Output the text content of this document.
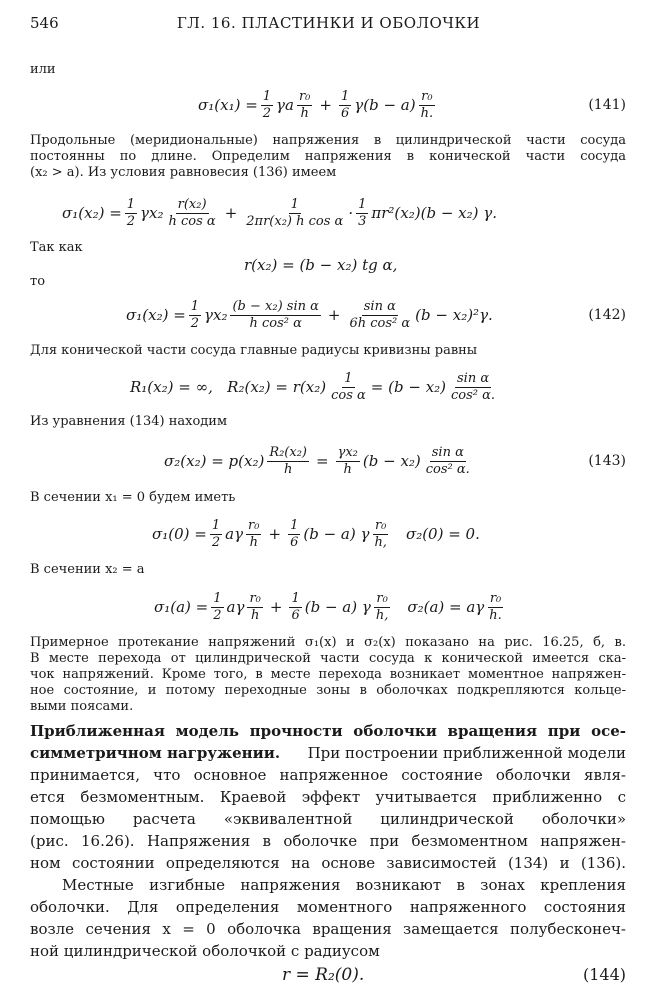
546	ГЛ. 16. ПЛАСТИНКИ И ОБОЛОЧКИ

или

$\sigma_1(x_1) = \frac{1}{2}$ γa $\frac{\text{r₀}}{h} + \frac{1}{6} \gamma(b - a) \frac{\text{r₀}}{h.}$	(141)

Продольные (меридиональные) напряжения в цилиндрической части сосуда

постоянны по длине. Определим напряжения в конической части сосуда

(x₂ > a). Из условия равновесия (136) имеем

$\sigma_1(x_2) = \frac{1}{2} \gamma x_2 \frac{\text{r(x₂)}}{\text{h cos α}} + \frac{1}{\text{2πr(x₂) h cos α}} \cdot \frac{1}{3} \pi r^2(x_2)(b - x_2)$ γ.

Так как

r(x₂) = (b − x₂) tg α,

то

$\sigma_1(x_2) = \frac{1}{2} \gamma x_2 \frac{\text{(b − x₂) sin α}}{\text{h cos² α}} + \frac{\text{sin α}}{\text{6h cos² α}} (b - x_2)^2\gamma$.	(142)

Для конической части сосуда главные радиусы кривизны равны

R₁(x₂) = ∞,   $R_2(x_2) = r(x_2) \frac{1}{\text{cos α}} = (b - x_2) \frac{\text{sin α}}{\text{cos² α.}}$

Из уравнения (134) находим

$\sigma_2(x_2) = p(x_2) \frac{\text{R₂(x₂)}}{h} = \frac{\text{γx₂}}{h} (b - x_2) \frac{\text{sin α}}{\text{cos² α.}}$	(143)

В сечении x₁ = 0 будем иметь

$\sigma_1(0) = \frac{1}{2}$ aγ $\frac{\text{r₀}}{h} + \frac{1}{6} (b - a)$ γ $\frac{\text{r₀}}{h,} \sigma_2(0) = 0$.

В сечении x₂ = a

$\sigma_1(a) = \frac{1}{2}$ aγ $\frac{\text{r₀}}{h} + \frac{1}{6} (b - a)$ γ $\frac{\text{r₀}}{h,} \sigma_2(a) = a\gamma \frac{\text{r₀}}{h.}$

Примерное протекание напряжений σ₁(x) и σ₂(x) показано на рис. 16.25, б, в.

В месте перехода от цилиндрической части сосуда к конической имеется ска-

чок напряжений. Кроме того, в месте перехода возникает моментное напряжен-

ное состояние, и потому переходные зоны в оболочках подкрепляются кольце-

выми поясами.

Приближенная модель прочности оболочки вращения при осе-

симметричном нагружении. При построении приближенной модели

принимается, что основное напряженное состояние оболочки явля-

ется безмоментным. Краевой эффект учитывается приближенно с

помощью расчета «эквивалентной цилиндрической оболочки»

(рис. 16.26). Напряжения в оболочке при безмоментном напряжен-

ном состоянии определяются на основе зависимостей (134) и (136).

Местные изгибные напряжения возникают в зонах крепления

оболочки. Для определения моментного напряженного состояния

возле сечения x = 0 оболочка вращения замещается полубесконеч-

ной цилиндрической оболочкой с радиусом

r = R₂(0).	(144)
